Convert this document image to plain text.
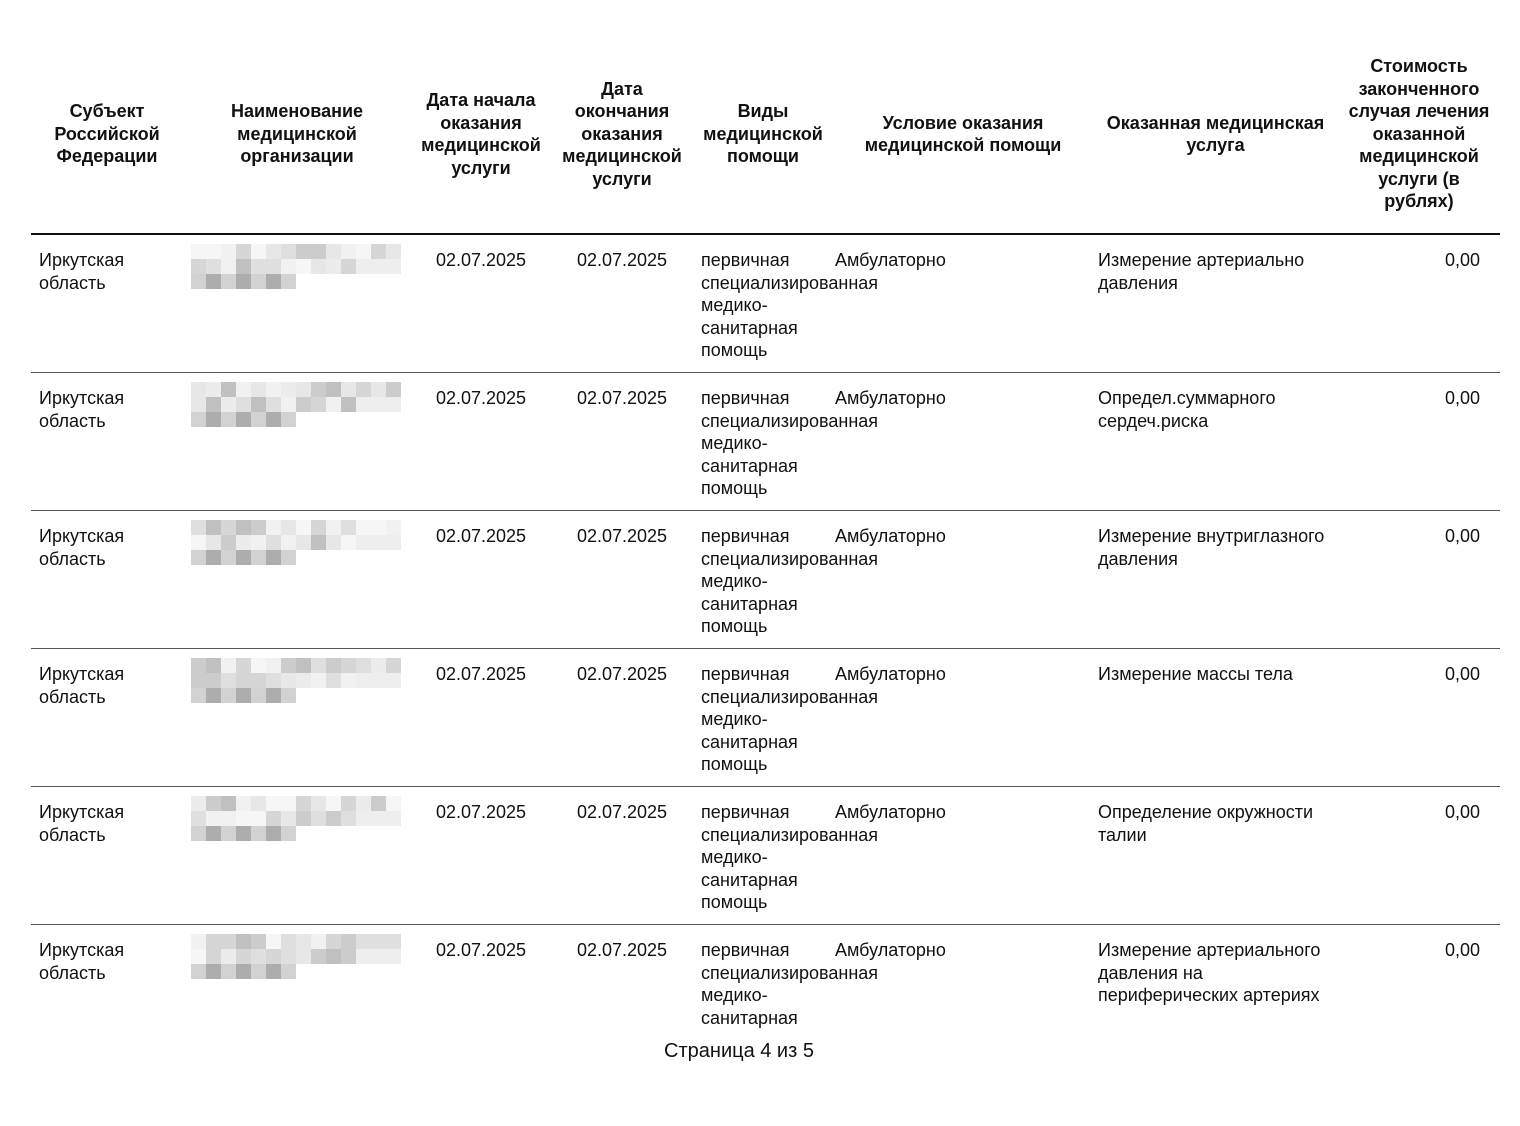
Субъект Российской Федерации	Наименование медицинской организации	Дата начала оказания медицинской услуги	Дата окончания оказания медицинской услуги	Виды медицинской помощи	Условие оказания медицинской помощи	Оказанная медицинская услуга	Стоимость законченного случая лечения оказанной медицинской услуги (в рублях)
Иркутская область		02.07.2025	02.07.2025	первичная специализированная медико-санитарная помощь	Амбулаторно	Измерение артериально давления	0,00
Иркутская область		02.07.2025	02.07.2025	первичная специализированная медико-санитарная помощь	Амбулаторно	Определ.суммарного сердеч.риска	0,00
Иркутская область		02.07.2025	02.07.2025	первичная специализированная медико-санитарная помощь	Амбулаторно	Измерение внутриглазного давления	0,00
Иркутская область		02.07.2025	02.07.2025	первичная специализированная медико-санитарная помощь	Амбулаторно	Измерение массы тела	0,00
Иркутская область		02.07.2025	02.07.2025	первичная специализированная медико-санитарная помощь	Амбулаторно	Определение окружности талии	0,00
Иркутская область		02.07.2025	02.07.2025	первичная специализированная медико-санитарная	Амбулаторно	Измерение артериального давления на периферических артериях	0,00
Страница 4 из 5
